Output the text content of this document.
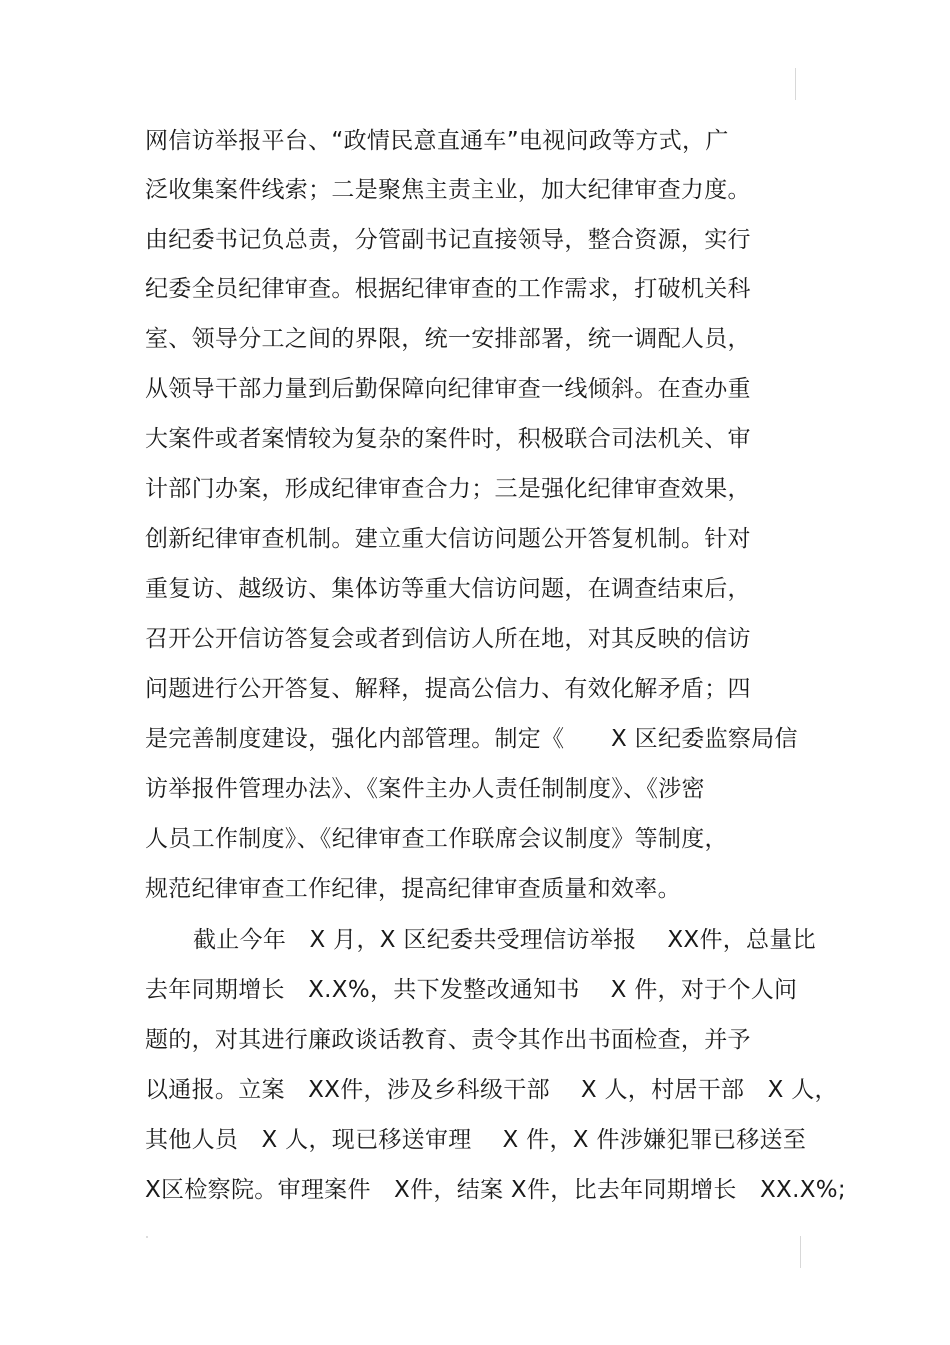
网信访举报平台、“政情民意直通车”电视问政等方式，广
泛收集案件线索；二是聚焦主责主业，加大纪律审查力度。
由纪委书记负总责，分管副书记直接领导，整合资源，实行
纪委全员纪律审查。根据纪律审查的工作需求，打破机关科
室、领导分工之间的界限，统一安排部署，统一调配人员，
从领导干部力量到后勤保障向纪律审查一线倾斜。在查办重
大案件或者案情较为复杂的案件时，积极联合司法机关、审
计部门办案，形成纪律审查合力；三是强化纪律审查效果，
创新纪律审查机制。建立重大信访问题公开答复机制。针对
重复访、越级访、集体访等重大信访问题，在调查结束后，
召开公开信访答复会或者到信访人所在地，对其反映的信访
问题进行公开答复、解释，提高公信力、有效化解矛盾；四
是完善制度建设，强化内部管理。制定《　　X 区纪委监察局信
访举报件管理办法》、《案件主办人责任制制度》、《涉密
人员工作制度》、《纪律审查工作联席会议制度》等制度，
规范纪律审查工作纪律，提高纪律审查质量和效率。
截止今年　X 月，X 区纪委共受理信访举报　 XX件，总量比
去年同期增长　X.X%，共下发整改通知书　 X 件，对于个人问
题的，对其进行廉政谈话教育、责令其作出书面检查，并予
以通报。立案　XX件，涉及乡科级干部　 X 人，村居干部　X 人，
其他人员　X 人，现已移送审理　 X 件，X 件涉嫌犯罪已移送至
X区检察院。审理案件　X件，结案 X件，比去年同期增长　XX.X%;
